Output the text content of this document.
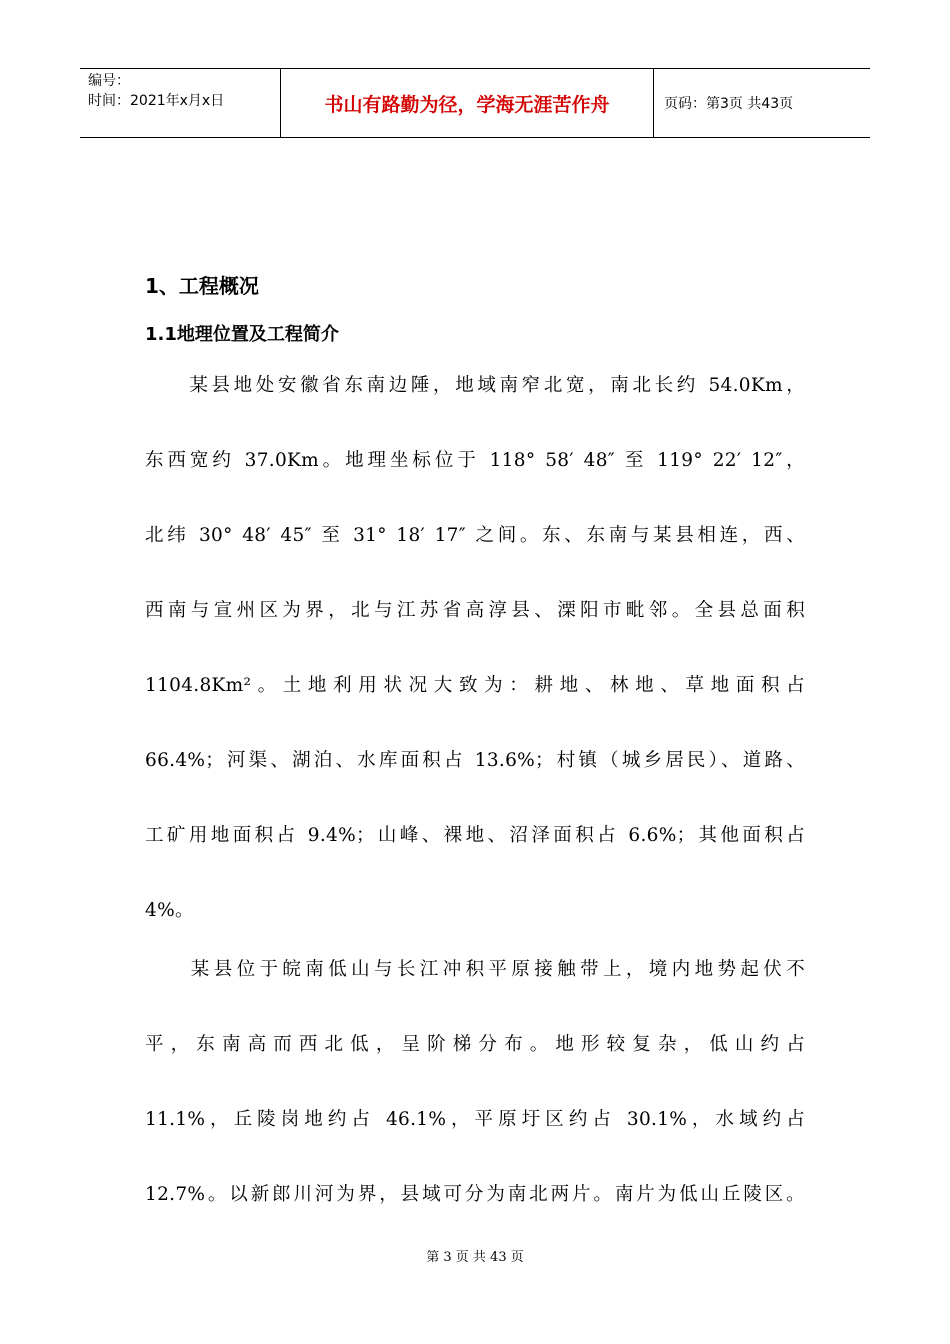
编号：
时间：2021年x月x日	书山有路勤为径，学海无涯苦作舟	页码：第3页 共43页
1、工程概况
1.1地理位置及工程简介
　　某县地处安徽省东南边陲，地域南窄北宽，南北长约 54.0Km，
东西宽约 37.0Km。地理坐标位于 118° 58′ 48″ 至 119° 22′ 12″，
北纬 30° 48′ 45″ 至 31° 18′ 17″ 之间。东、东南与某县相连，西、
西南与宣州区为界，北与江苏省高淳县、溧阳市毗邻。全县总面积
1104.8Km²。土地利用状况大致为：耕地、林地、草地面积占
66.4%；河渠、湖泊、水库面积占 13.6%；村镇（城乡居民）、道路、
工矿用地面积占 9.4%；山峰、裸地、沼泽面积占 6.6%；其他面积占
4%。
　　某县位于皖南低山与长江冲积平原接触带上，境内地势起伏不
平，东南高而西北低，呈阶梯分布。地形较复杂，低山约占
11.1%，丘陵岗地约占 46.1%，平原圩区约占 30.1%，水域约占
12.7%。以新郎川河为界，县域可分为南北两片。南片为低山丘陵区。
第 3 页 共 43 页
